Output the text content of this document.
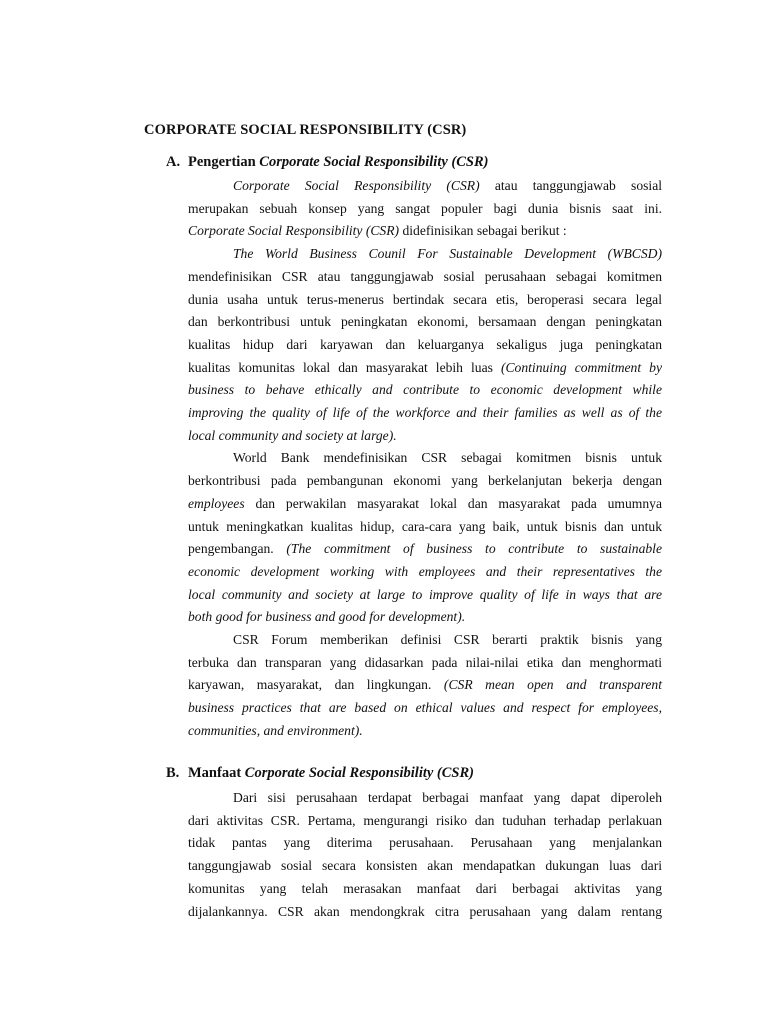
CORPORATE SOCIAL RESPONSIBILITY (CSR)
A. Pengertian Corporate Social Responsibility (CSR)
Corporate Social Responsibility (CSR) atau tanggungjawab sosial
merupakan sebuah konsep yang sangat populer bagi dunia bisnis saat ini.
Corporate Social Responsibility (CSR) didefinisikan sebagai berikut :
The World Business Counil For Sustainable Development (WBCSD)
mendefinisikan CSR atau tanggungjawab sosial perusahaan sebagai komitmen
dunia usaha untuk terus-menerus bertindak secara etis, beroperasi secara legal
dan berkontribusi untuk peningkatan ekonomi, bersamaan dengan peningkatan
kualitas hidup dari karyawan dan keluarganya sekaligus juga peningkatan
kualitas komunitas lokal dan masyarakat lebih luas (Continuing commitment by
business to behave ethically and contribute to economic development while
improving the quality of life of the workforce and their families as well as of the
local community and society at large).
World Bank mendefinisikan CSR sebagai komitmen bisnis untuk
berkontribusi pada pembangunan ekonomi yang berkelanjutan bekerja dengan
employees dan perwakilan masyarakat lokal dan masyarakat pada umumnya
untuk meningkatkan kualitas hidup, cara-cara yang baik, untuk bisnis dan untuk
pengembangan. (The commitment of business to contribute to sustainable
economic development working with employees and their representatives the
local community and society at large to improve quality of life in ways that are
both good for business and good for development).
CSR Forum memberikan definisi CSR berarti praktik bisnis yang
terbuka dan transparan yang didasarkan pada nilai-nilai etika dan menghormati
karyawan, masyarakat, dan lingkungan. (CSR mean open and transparent
business practices that are based on ethical values and respect for employees,
communities, and environment).
B. Manfaat Corporate Social Responsibility (CSR)
Dari sisi perusahaan terdapat berbagai manfaat yang dapat diperoleh
dari aktivitas CSR. Pertama, mengurangi risiko dan tuduhan terhadap perlakuan
tidak pantas yang diterima perusahaan. Perusahaan yang menjalankan
tanggungjawab sosial secara konsisten akan mendapatkan dukungan luas dari
komunitas yang telah merasakan manfaat dari berbagai aktivitas yang
dijalankannya. CSR akan mendongkrak citra perusahaan yang dalam rentang
